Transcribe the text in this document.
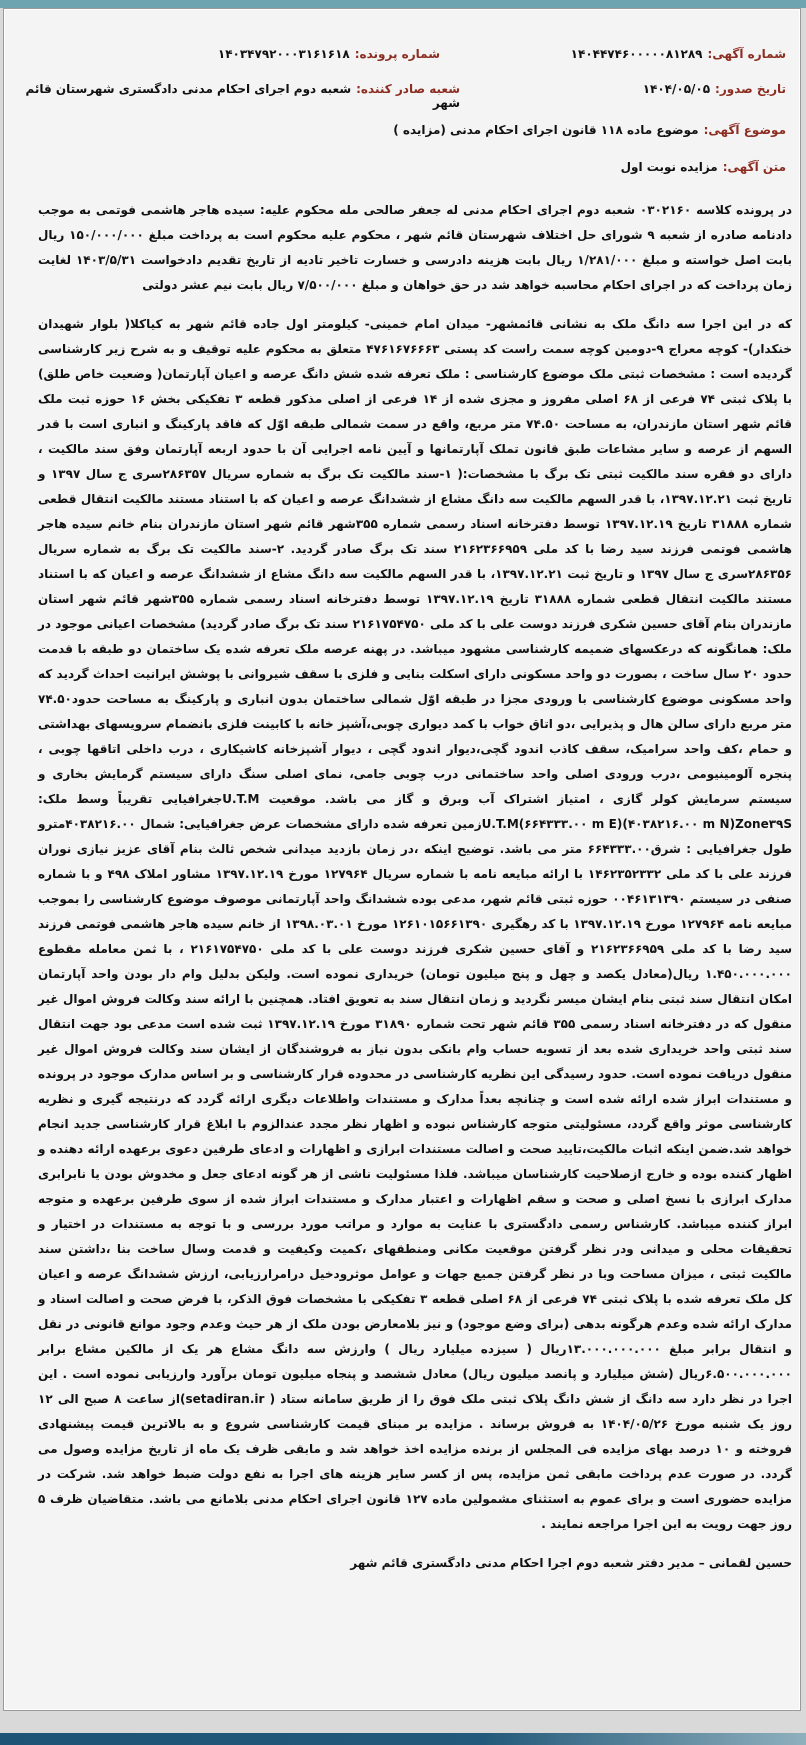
شماره آگهی:۱۴۰۴۴۷۴۶۰۰۰۰۰۸۱۲۸۹
شماره پرونده:۱۴۰۳۴۷۹۲۰۰۰۳۱۶۱۶۱۸
تاریخ صدور:۱۴۰۴/۰۵/۰۵
شعبه صادر کننده:شعبه دوم اجرای احکام مدنی دادگستری شهرستان قائم شهر
موضوع آگهی:موضوع ماده ۱۱۸ قانون اجرای احکام مدنی (مزایده )
متن آگهی:مزایده نوبت اول

در پرونده کلاسه ۰۳۰۲۱۶۰ شعبه دوم اجرای احکام مدنی له جعفر صالحی مله محکوم علیه: سیده هاجر هاشمی فوتمی به موجب دادنامه صادره از شعبه ۹ شورای حل اختلاف شهرستان قائم شهر ، محکوم علیه محکوم است به پرداخت مبلغ ۱۵۰/۰۰۰/۰۰۰ ریال بابت اصل خواسته و مبلغ ۱/۲۸۱/۰۰۰ ریال بابت هزینه دادرسی و خسارت تاخیر تادیه از تاریخ تقدیم دادخواست ۱۴۰۳/۵/۳۱ لغایت زمان پرداخت که در اجرای احکام محاسبه خواهد شد در حق خواهان و مبلغ ۷/۵۰۰/۰۰۰ ریال بابت نیم عشر دولتی

که در این اجرا سه دانگ ملک به نشانی قائمشهر- میدان امام خمینی- کیلومتر اول جاده قائم شهر به کیاکلا( بلوار شهیدان خنکدار)- کوچه معراج ۹-دومین کوچه سمت راست کد پستی ۴۷۶۱۶۷۶۶۶۳ متعلق به محکوم علیه توقیف و به شرح زیر کارشناسی گردیده است : مشخصات ثبتی ملک موضوع کارشناسی : ملک تعرفه شده شش دانگ عرصه و اعیان آپارتمان( وضعیت خاص طلق) با پلاک ثبتی ۷۴ فرعی از ۶۸ اصلی مفروز و مجزی شده از ۱۴ فرعی از اصلی مذکور قطعه ۳ تفکیکی بخش ۱۶ حوزه ثبت ملک قائم شهر استان مازندران، به مساحت ۷۴.۵۰ متر مربع، واقع در سمت شمالی طبقه اوّل که فاقد پارکینگ و انباری است با قدر السهم از عرصه و سایر مشاعات طبق قانون تملک آپارتمانها و آیین نامه اجرایی آن با حدود اربعه آپارتمان وفق سند مالکیت ، دارای دو فقره سند مالکیت ثبتی تک برگ با مشخصات:( ۱-سند مالکیت تک برگ به شماره سریال ۲۸۶۳۵۷سری ج سال ۱۳۹۷ و تاریخ ثبت ۱۳۹۷.۱۲.۲۱، با قدر السهم مالکیت سه دانگ مشاع از ششدانگ عرصه و اعیان که با استناد مستند مالکیت انتقال قطعی شماره ۳۱۸۸۸ تاریخ ۱۳۹۷.۱۲.۱۹ توسط دفترخانه اسناد رسمی شماره ۳۵۵شهر قائم شهر استان مازندران بنام خانم سیده هاجر هاشمی فوتمی فرزند سید رضا با کد ملی ۲۱۶۲۳۶۶۹۵۹ سند تک برگ صادر گردید. ۲-سند مالکیت تک برگ به شماره سریال ۲۸۶۳۵۶سری ج سال ۱۳۹۷ و تاریخ ثبت ۱۳۹۷.۱۲.۲۱، با قدر السهم مالکیت سه دانگ مشاع از ششدانگ عرصه و اعیان که با استناد مستند مالکیت انتقال قطعی شماره ۳۱۸۸۸ تاریخ ۱۳۹۷.۱۲.۱۹ توسط دفترخانه اسناد رسمی شماره ۳۵۵شهر قائم شهر استان مازندران بنام آقای حسین شکری فرزند دوست علی با کد ملی ۲۱۶۱۷۵۴۷۵۰ سند تک برگ صادر گردید) مشخصات اعیانی موجود در ملک: همانگونه که درعکسهای ضمیمه کارشناسی مشهود میباشد. در پهنه عرصه ملک تعرفه شده یک ساختمان دو طبقه با قدمت حدود ۲۰ سال ساخت ، بصورت دو واحد مسکونی دارای اسکلت بنایی و فلزی با سقف شیروانی با پوشش ایرانیت احداث گردید که واحد مسکونی موضوع کارشناسی با ورودی مجزا در طبقه اوّل شمالی ساختمان بدون انباری و پارکینگ به مساحت حدود۷۴.۵۰ متر مربع دارای سالن هال و پذیرایی ،دو اتاق خواب با کمد دیواری چوبی،آشپز خانه با کابینت فلزی بانضمام سرویسهای بهداشتی و حمام ،کف واحد سرامیک، سقف کاذب اندود گچی،دیوار اندود گچی ، دیوار آشپزخانه کاشیکاری ، درب داخلی اتاقها چوبی ، پنجره آلومینیومی ،درب ورودی اصلی واحد ساختمانی درب چوبی جامی، نمای اصلی سنگ دارای سیستم گرمایش بخاری و سیستم سرمایش کولر گازی ، امتیاز اشتراک آب وبرق و گاز می باشد. موقعیت U.T.Mجغرافیایی تقریباً وسط ملک: U.T.M(۶۶۴۳۳۳.۰۰ m E)(۴۰۳۸۲۱۶.۰۰ m N)Zone۳۹Sزمین تعرفه شده دارای مشخصات عرض جغرافیایی: شمال ۴۰۳۸۲۱۶.۰۰مترو طول جغرافیایی : شرق۶۶۴۳۳۳.۰۰ متر می باشد. توضیح اینکه ،در زمان بازدید میدانی شخص ثالث بنام آقای عزیز نیازی نوران فرزند علی با کد ملی ۱۴۶۲۳۵۲۳۳۲ با ارائه مبایعه نامه با شماره سریال ۱۲۷۹۶۴ مورخ ۱۳۹۷.۱۲.۱۹ مشاور املاک ۴۹۸ و با شماره صنفی در سیستم ۰۰۴۶۱۳۱۳۹۰ حوزه ثبتی قائم شهر، مدعی بوده ششدانگ واحد آپارتمانی موصوف موضوع کارشناسی را بموجب مبایعه نامه ۱۲۷۹۶۴ مورخ ۱۳۹۷.۱۲.۱۹ با کد رهگیری ۱۲۶۱۰۱۵۶۶۱۳۹۰ مورخ ۱۳۹۸.۰۳.۰۱ از خانم سیده هاجر هاشمی فوتمی فرزند سید رضا با کد ملی ۲۱۶۲۳۶۶۹۵۹ و آقای حسین شکری فرزند دوست علی با کد ملی ۲۱۶۱۷۵۴۷۵۰ ، با ثمن معامله مقطوع ۱.۴۵۰.۰۰۰.۰۰۰ ریال(معادل یکصد و چهل و پنج میلیون تومان) خریداری نموده است. ولیکن بدلیل وام دار بودن واحد آپارتمان امکان انتقال سند ثبتی بنام ایشان میسر نگردید و زمان انتقال سند به تعویق افتاد. همچنین با ارائه سند وکالت فروش اموال غیر منقول که در دفترخانه اسناد رسمی ۳۵۵ قائم شهر تحت شماره ۳۱۸۹۰ مورخ ۱۳۹۷.۱۲.۱۹ ثبت شده است مدعی بود جهت انتقال سند ثبتی واحد خریداری شده بعد از تسویه حساب وام بانکی بدون نیاز به فروشندگان از ایشان سند وکالت فروش اموال غیر منقول دریافت نموده است. حدود رسیدگی این نظریه کارشناسی در محدوده قرار کارشناسی و بر اساس مدارک موجود در پرونده و مستندات ابراز شده ارائه شده است و چنانچه بعداً مدارک و مستندات واطلاعات دیگری ارائه گردد که درنتیجه گیری و نظریه کارشناسی موثر واقع گردد، مسئولیتی متوجه کارشناس نبوده و اظهار نظر مجدد عندالزوم با ابلاغ قرار کارشناسی جدید انجام خواهد شد.ضمن اینکه اثبات مالکیت،تایید صحت و اصالت مستندات ابرازی و اظهارات و ادعای طرفین دعوی برعهده ارائه دهنده و اظهار کننده بوده و خارج ازصلاحیت کارشناسان میباشد. فلذا مسئولیت ناشی از هر گونه ادعای جعل و مخدوش بودن یا نابرابری مدارک ابرازی با نسخ اصلی و صحت و سقم اظهارات و اعتبار مدارک و مستندات ابراز شده از سوی طرفین برعهده و متوجه ابراز کننده میباشد. کارشناس رسمی دادگستری با عنایت به موارد و مراتب مورد بررسی و با توجه به مستندات در اختیار و تحقیقات محلی و میدانی ودر نظر گرفتن موقعیت مکانی ومنطقهای ،کمیت وکیفیت و قدمت وسال ساخت بنا ،داشتن سند مالکیت ثبتی ، میزان مساحت وبا در نظر گرفتن جمیع جهات و عوامل موثرودخیل درامرارزیابی، ارزش ششدانگ عرصه و اعیان کل ملک تعرفه شده با پلاک ثبتی ۷۴ فرعی از ۶۸ اصلی قطعه ۳ تفکیکی با مشخصات فوق الذکر، با فرض صحت و اصالت اسناد و مدارک ارائه شده وعدم هرگونه بدهی (برای وضع موجود) و نیز بلامعارض بودن ملک از هر حیث وعدم وجود موانع قانونی در نقل و انتقال برابر مبلغ ۱۳.۰۰۰.۰۰۰.۰۰۰ریال ( سیزده میلیارد ریال ) وارزش سه دانگ مشاع هر یک از مالکین مشاع برابر ۶.۵۰۰.۰۰۰.۰۰۰ریال (شش میلیارد و پانصد میلیون ریال) معادل ششصد و پنجاه میلیون تومان برآورد وارزیابی نموده است . این اجرا در نظر دارد سه دانگ از شش دانگ پلاک ثبتی ملک فوق را از طریق سامانه ستاد ( setadiran.ir)از ساعت ۸ صبح الی ۱۲ روز یک شنبه مورخ ۱۴۰۴/۰۵/۲۶ به فروش برساند . مزایده بر مبنای قیمت کارشناسی شروع و به بالاترین قیمت پیشنهادی فروخته و ۱۰ درصد بهای مزایده فی المجلس از برنده مزایده اخذ خواهد شد و مابقی ظرف یک ماه از تاریخ مزایده وصول می گردد. در صورت عدم پرداخت مابقی ثمن مزایده، پس از کسر سایر هزینه های اجرا به نفع دولت ضبط خواهد شد. شرکت در مزایده حضوری است و برای عموم به استثنای مشمولین ماده ۱۲۷ قانون اجرای احکام مدنی بلامانع می باشد. متقاضیان ظرف ۵ روز جهت رویت به این اجرا مراجعه نمایند .

حسین لقمانی – مدیر دفتر شعبه دوم اجرا احکام مدنی دادگستری قائم شهر
